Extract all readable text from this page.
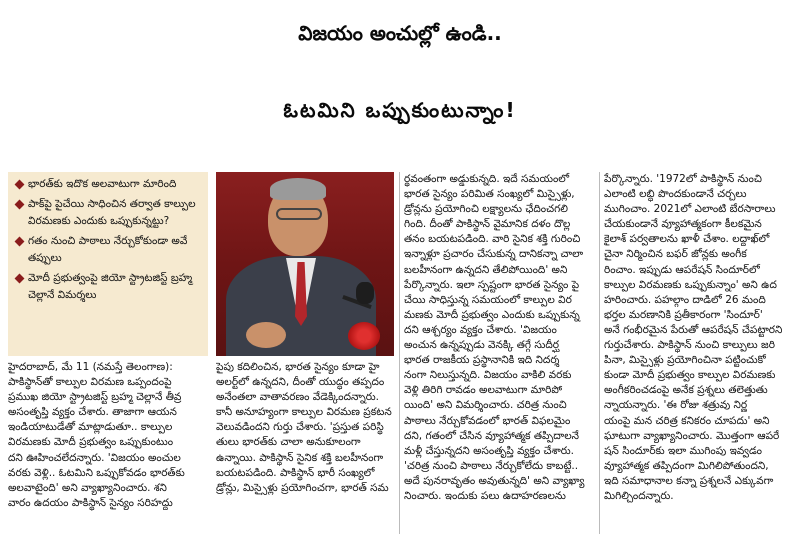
విజయం అంచుల్లో ఉండి..
ఓటమిని ఒప్పుకుంటున్నాం!
భారత్‌కు ఇదొక అలవాటుగా మారింది
పాక్‌పై పైచేయి సాధించిన తర్వాత కాల్పుల విరమణకు ఎందుకు ఒప్పుకున్నట్టు?
గతం నుంచి పాఠాలు నేర్చుకోకుండా అవే తప్పులు
మోదీ ప్రభుత్వంపై జియో స్ట్రాటజిస్ట్ బ్రహ్మ చెల్లానే విమర్శలు

హైదరాబాద్‌, మే 11 (నమస్తే తెలంగాణ):

పాకిస్థాన్‌తో కాల్పుల విరమణ ఒప్పందంపై

ప్రముఖ జియో స్ట్రాటజిస్ట్‌ బ్రహ్మ చెల్లానే తీవ్ర

అసంతృప్తి వ్యక్తం చేశారు. తాజాగా ఆయన

ఇండియాటుడేతో మాట్లాడుతూ.. కాల్పుల

విరమణకు మోదీ ప్రభుత్వం ఒప్పుకుంటుం

దని ఊహించలేదన్నారు. 'విజయం అంచుల

వరకు వెళ్లి.. ఓటమిని ఒప్పుకోవడం భారత్‌కు

అలవాటైంది' అని వ్యాఖ్యానించారు. శని

వారం ఉదయం పాకిస్థాన్‌ సైన్యం సరిహద్దు

పైపు కదిలించిన, భారత సైన్యం కూడా హై

అలర్ట్‌లో ఉన్నదని, దీంతో యుద్ధం తప్పదం

అనేంతలా వాతావరణం వేడెక్కిందన్నారు.

కానీ అనూహ్యంగా కాల్పుల విరమణ ప్రకటన

వెలువడిందని గుర్తు చేశారు. 'ప్రస్తుత పరిస్థి

తులు భారత్‌కు చాలా అనుకూలంగా

ఉన్నాయి. పాకిస్థాన్‌ సైనిక శక్తి బలహీనంగా

బయటపడింది. పాకిస్థాన్‌ భారీ సంఖ్యలో

డ్రోన్లు, మిస్సైళ్లు ప్రయోగించగా, భారత్‌ సమ

ర్థవంతంగా అడ్డుకున్నది. ఇదే సమయంలో

భారత సైన్యం పరిమిత సంఖ్యలో మిస్సైళ్లు,

డ్రోన్లను ప్రయోగించి లక్ష్యాలను ఛేదించగలి

గింది. దీంతో పాకిస్థాన్‌ వైమానిక దళం దొల్ల

తనం బయటపడింది. వారి సైనిక శక్తి గురించి

ఇన్నాళ్లూ ప్రచారం చేసుకున్న దానికన్నా చాలా

బలహీనంగా ఉన్నదని తేలిపోయింది' అని

పేర్కొన్నారు. ఇలా స్పష్టంగా భారత సైన్యం పై

చేయి సాధిస్తున్న సమయంలో కాల్పుల విర

మణకు మోదీ ప్రభుత్వం ఎందుకు ఒప్పుకున్న

దని ఆశ్చర్యం వ్యక్తం చేశారు. 'విజయం

అంచున ఉన్నప్పుడు వెనక్కి తగ్గే సుదీర్ఘ

భారత రాజకీయ ప్రస్థానానికి ఇది నిదర్శ

నంగా నిలుస్తున్నది. విజయం వాకిలి వరకు

వెళ్లి తిరిగి రావడం అలవాటుగా మారిపో

యింది' అని విమర్శించారు. చరిత్ర నుంచి

పాఠాలు నేర్చుకోవడంలో భారత్‌ విఫలమైం

దని, గతంలో చేసిన వ్యూహాత్మక తప్పిదాలనే

మళ్లీ చేస్తున్నదని అసంతృప్తి వ్యక్తం చేశారు.

'చరిత్ర నుంచి పాఠాలు నేర్చుకోలేదు కాబట్టే..

అదే పునరావృతం అవుతున్నది' అని వ్యాఖ్యా

నించారు. ఇందుకు పలు ఉదాహరణలను

పేర్కొన్నారు. '1972లో పాకిస్థాన్‌ నుంచి

ఎలాంటి లబ్ధి పొందకుండానే చర్చలు

ముగించాం. 2021లో ఎలాంటి బేరసారాలు

చేయకుండానే వ్యూహాత్మకంగా కీలకమైన

కైలాశ్‌ పర్వతాలను ఖాళీ చేశాం. లద్దాఖ్‌లో

చైనా నిర్మించిన బఫర్‌ జోన్లకు అంగీక

రించాం. ఇప్పుడు ఆపరేషన్‌ సిందూర్‌లో

కాల్పుల విరమణకు ఒప్పుకున్నాం' అని ఉద

హరించారు. పహల్గాం దాడిలో 26 మంది

భర్తల మరణానికి ప్రతీకారంగా 'సిందూర్‌'

అనే గంభీరమైన పేరుతో ఆపరేషన్‌ చేపట్టారని

గుర్తుచేశారు. పాకిస్థాన్‌ నుంచి కాల్పులు జరి

పినా, మిస్సైళ్లు ప్రయోగించినా పట్టించుకో

కుండా మోదీ ప్రభుత్వం కాల్పుల విరమణకు

అంగీకరించడంపై అనేక ప్రశ్నలు తలెత్తుతు

న్నాయన్నారు. 'ఈ రోజు శత్రువు నిర్ణ

యంపై మన చరిత్ర కనికరం చూపదు' అని

ఘాటుగా వ్యాఖ్యానించారు. మొత్తంగా ఆపరే

షన్‌ సిందూర్‌కు ఇలా ముగింపు ఇవ్వడం

వ్యూహాత్మక తప్పిదంగా మిగిలిపోతుందని,

ఇది సమాధానాల కన్నా ప్రశ్నలనే ఎక్కువగా

మిగిల్చిందన్నారు.
